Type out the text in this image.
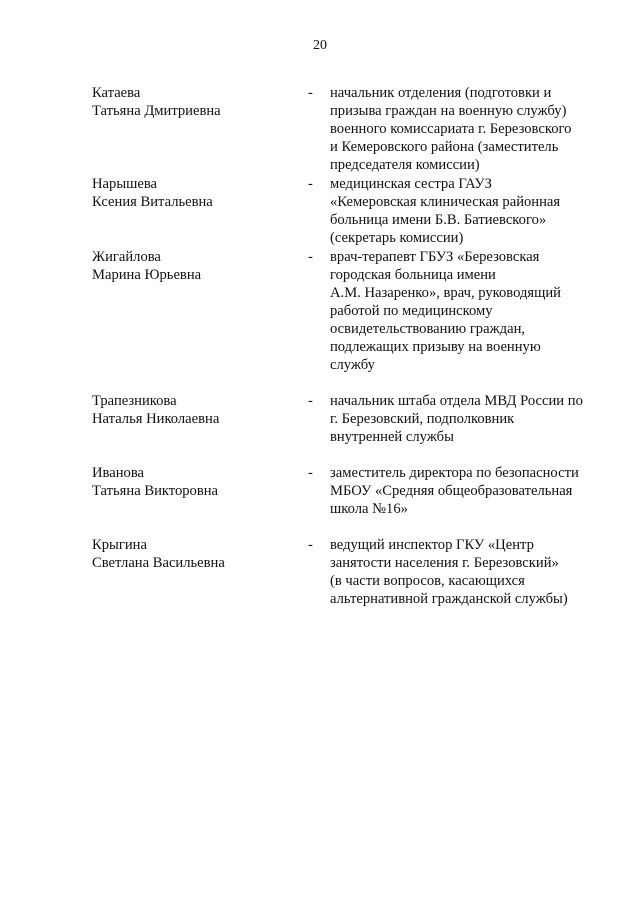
20
Катаева
Татьяна Дмитриевна
-	начальник отделения (подготовки и
призыва граждан на военную службу)
военного комиссариата г. Березовского
и Кемеровского района (заместитель
председателя комиссии)
Нарышева
Ксения Витальевна
-	медицинская сестра ГАУЗ
«Кемеровская клиническая районная
больница имени Б.В. Батиевского»
(секретарь комиссии)
Жигайлова
Марина Юрьевна
-	врач-терапевт ГБУЗ «Березовская
городская больница имени
А.М. Назаренко», врач, руководящий
работой по медицинскому
освидетельствованию граждан,
подлежащих призыву на военную
службу
Трапезникова
Наталья Николаевна
-	начальник штаба отдела МВД России по
г. Березовский, подполковник
внутренней службы
Иванова
Татьяна Викторовна
-	заместитель директора по безопасности
МБОУ «Средняя общеобразовательная
школа №16»
Крыгина
Светлана Васильевна
-	ведущий инспектор ГКУ «Центр
занятости населения г. Березовский»
(в части вопросов, касающихся
альтернативной гражданской службы)
